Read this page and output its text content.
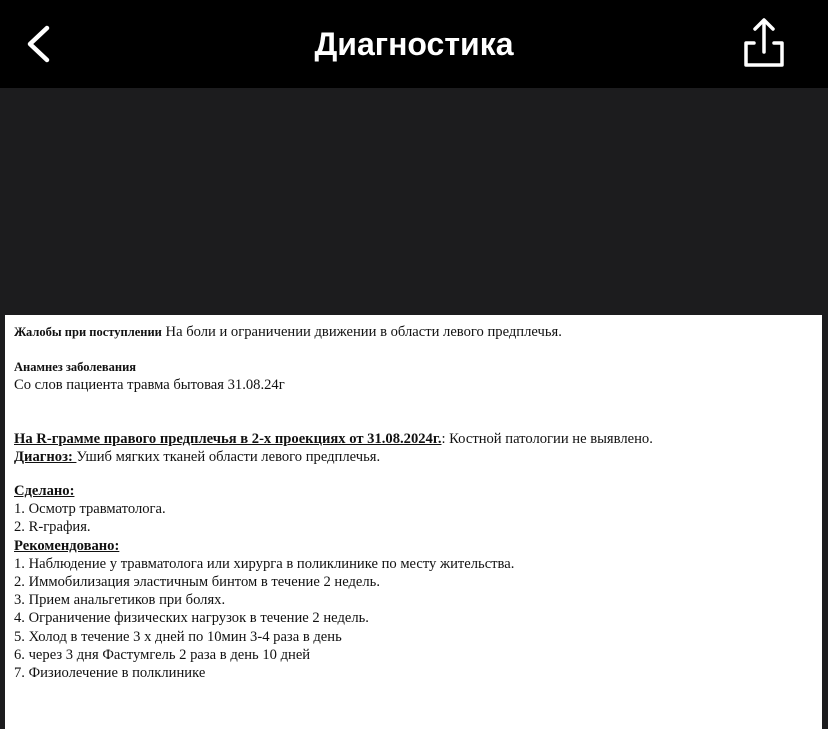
Диагностика

Жалобы при поступлении На боли и ограничении движении в области левого предплечья.

Анамнез заболевания

Со слов пациента травма бытовая 31.08.24г

На R-грамме правого предплечья в 2-х проекциях от 31.08.2024г.: Костной патологии не выявлено.

Диагноз: Ушиб мягких тканей области левого предплечья.

Сделано:

1. Осмотр травматолога.

2. R-графия.

Рекомендовано:

1. Наблюдение у травматолога или хирурга в поликлинике по месту жительства.

2. Иммобилизация эластичным бинтом в течение 2 недель.

3. Прием анальгетиков при болях.

4. Ограничение физических нагрузок в течение 2 недель.

5. Холод в течение 3 х дней по 10мин 3-4 раза в день

6. через 3 дня Фастумгель 2 раза в день 10 дней

7. Физиолечение в полклинике
